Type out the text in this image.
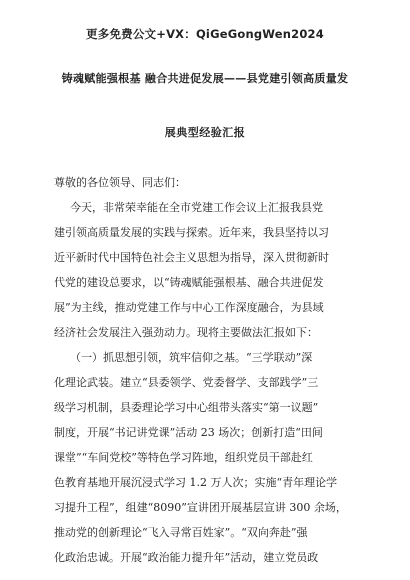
更多免费公文+VX：QiGeGongWen2024
铸魂赋能强根基 融合共进促发展——县党建引领高质量发
展典型经验汇报
尊敬的各位领导、同志们：
今天，非常荣幸能在全市党建工作会议上汇报我县党
建引领高质量发展的实践与探索。近年来，我县坚持以习
近平新时代中国特色社会主义思想为指导，深入贯彻新时
代党的建设总要求，以“铸魂赋能强根基、融合共进促发
展”为主线，推动党建工作与中心工作深度融合，为县域
经济社会发展注入强劲动力。现将主要做法汇报如下：
（一）抓思想引领，筑牢信仰之基。“三学联动”深
化理论武装。建立“县委领学、党委督学、支部践学”三
级学习机制，县委理论学习中心组带头落实“第一议题”
制度，开展“书记讲党课”活动 23 场次；创新打造“田间
课堂”“车间党校”等特色学习阵地，组织党员干部赴红
色教育基地开展沉浸式学习 1.2 万人次；实施“青年理论学
习提升工程”，组建“8090”宣讲团开展基层宣讲 300 余场，
推动党的创新理论“飞入寻常百姓家”。“双向奔赴”强
化政治忠诚。开展“政治能力提升年”活动，建立党员政
